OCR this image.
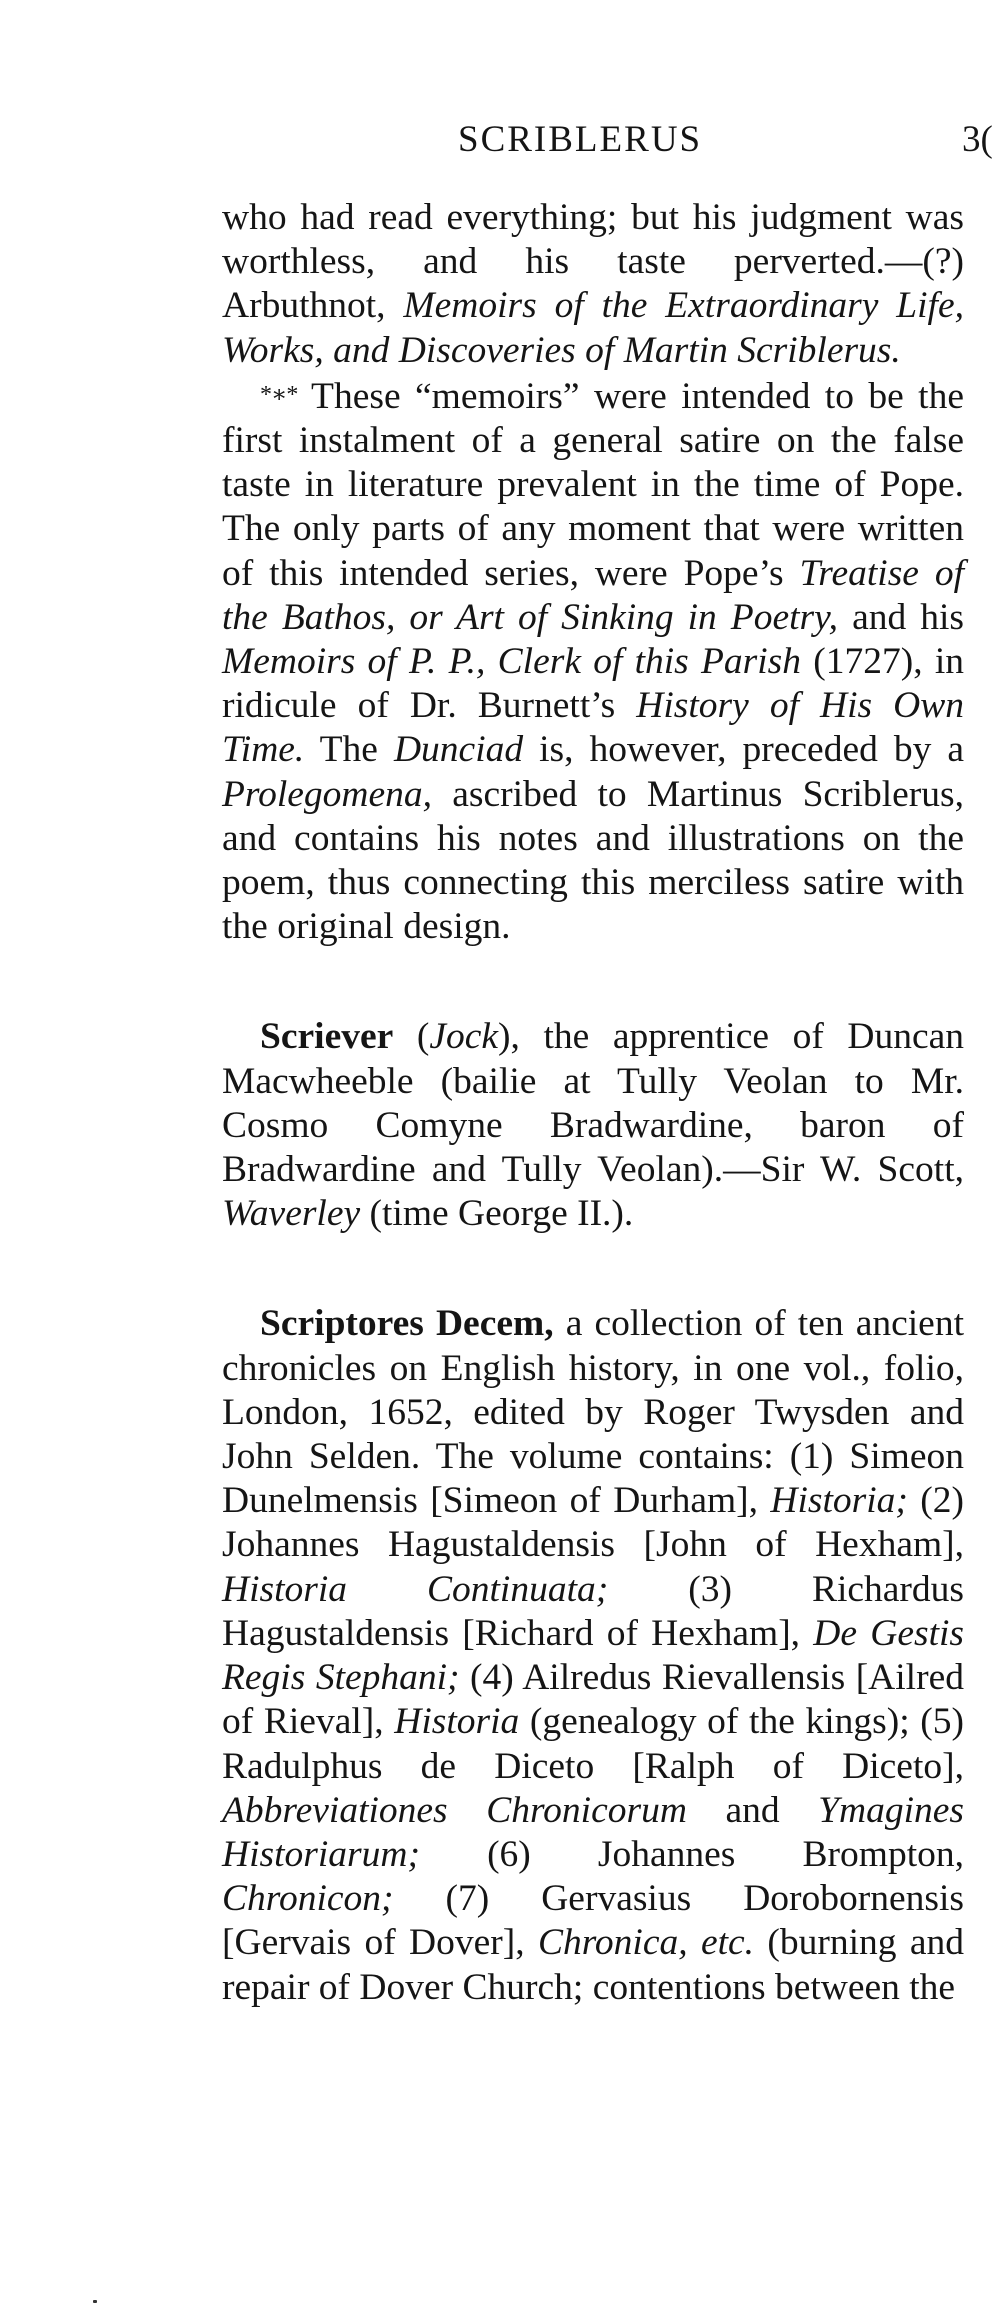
SCRIBLERUS	3(

who had read everything; but his judgment was worthless, and his taste perverted.—(?) Arbuthnot, Memoirs of the Extraordinary Life, Works, and Discoveries of Martin Scriblerus.

*∗* These “memoirs” were intended to be the first instalment of a general satire on the false taste in literature prevalent in the time of Pope. The only parts of any moment that were written of this intended series, were Pope’s Treatise of the Bathos, or Art of Sinking in Poetry, and his Memoirs of P. P., Clerk of this Parish (1727), in ridicule of Dr. Burnett’s History of His Own Time. The Dunciad is, however, preceded by a Prolegomena, ascribed to Martinus Scriblerus, and contains his notes and illustrations on the poem, thus connecting this merciless satire with the original design.

Scriever (Jock), the apprentice of Duncan Macwheeble (bailie at Tully Veolan to Mr. Cosmo Comyne Bradwardine, baron of Bradwardine and Tully Veolan).—Sir W. Scott, Waverley (time George II.).

Scriptores Decem, a collection of ten ancient chronicles on English history, in one vol., folio, London, 1652, edited by Roger Twysden and John Selden. The volume contains: (1) Simeon Dunelmensis [Simeon of Durham], Historia; (2) Johannes Hagustaldensis [John of Hexham], Historia Continuata; (3) Richardus Hagustaldensis [Richard of Hexham], De Gestis Regis Stephani; (4) Ailredus Rievallensis [Ailred of Rieval], Historia (genealogy of the kings); (5) Radulphus de Diceto [Ralph of Diceto], Abbreviationes Chronicorum and Ymagines Historiarum; (6) Johannes Brompton, Chronicon; (7) Gervasius Dorobornensis [Gervais of Dover], Chronica, etc. (burning and repair of Dover Church; contentions between the
